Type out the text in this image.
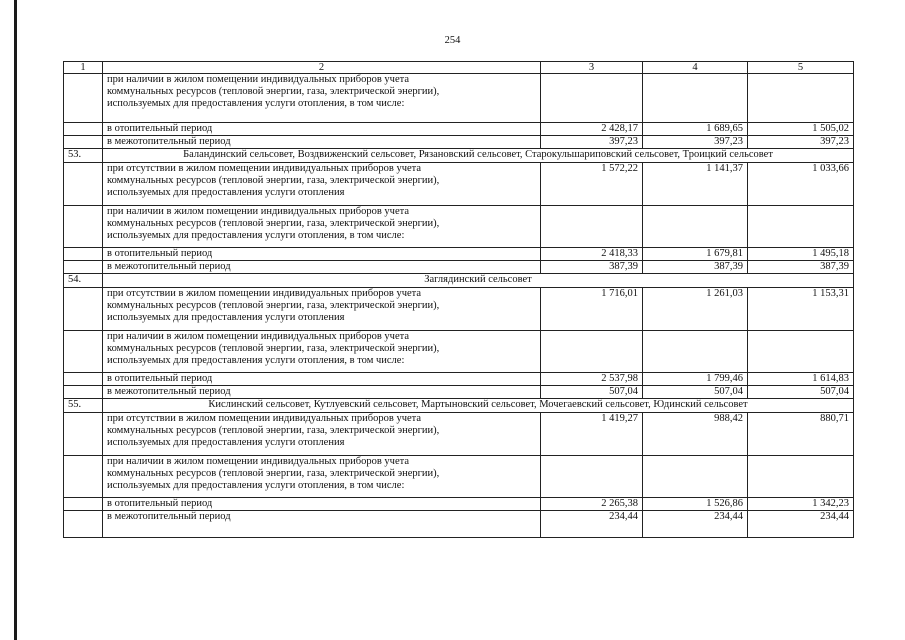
254
1	2	3	4	5

	при наличии в жилом помещении индивидуальных приборов учета
коммунальных ресурсов (тепловой энергии, газа, электрической энергии),
используемых для предоставления услуги отопления, в том числе:			

	в отопительный период	2 428,17	1 689,65	1 505,02
	в межотопительный период	397,23	397,23	397,23
53.	Баландинский сельсовет, Воздвиженский сельсовет, Рязановский сельсовет, Старокульшариповский сельсовет, Троицкий сельсовет			

	при отсутствии в жилом помещении индивидуальных приборов учета
коммунальных ресурсов (тепловой энергии, газа, электрической энергии),
используемых для предоставления услуги отопления	1 572,22	1 141,37	1 033,66

	при наличии в жилом помещении индивидуальных приборов учета
коммунальных ресурсов (тепловой энергии, газа, электрической энергии),
используемых для предоставления услуги отопления, в том числе:			

	в отопительный период	2 418,33	1 679,81	1 495,18
	в межотопительный период	387,39	387,39	387,39
54.	Заглядинский сельсовет			

	при отсутствии в жилом помещении индивидуальных приборов учета
коммунальных ресурсов (тепловой энергии, газа, электрической энергии),
используемых для предоставления услуги отопления	1 716,01	1 261,03	1 153,31

	при наличии в жилом помещении индивидуальных приборов учета
коммунальных ресурсов (тепловой энергии, газа, электрической энергии),
используемых для предоставления услуги отопления, в том числе:			

	в отопительный период	2 537,98	1 799,46	1 614,83
	в межотопительный период	507,04	507,04	507,04
55.	Кислинский сельсовет, Кутлуевский сельсовет, Мартыновский сельсовет, Мочегаевский сельсовет, Юдинский сельсовет			

	при отсутствии в жилом помещении индивидуальных приборов учета
коммунальных ресурсов (тепловой энергии, газа, электрической энергии),
используемых для предоставления услуги отопления	1 419,27	988,42	880,71

	при наличии в жилом помещении индивидуальных приборов учета
коммунальных ресурсов (тепловой энергии, газа, электрической энергии),
используемых для предоставления услуги отопления, в том числе:			

	в отопительный период	2 265,38	1 526,86	1 342,23
	в межотопительный период	234,44	234,44	234,44
